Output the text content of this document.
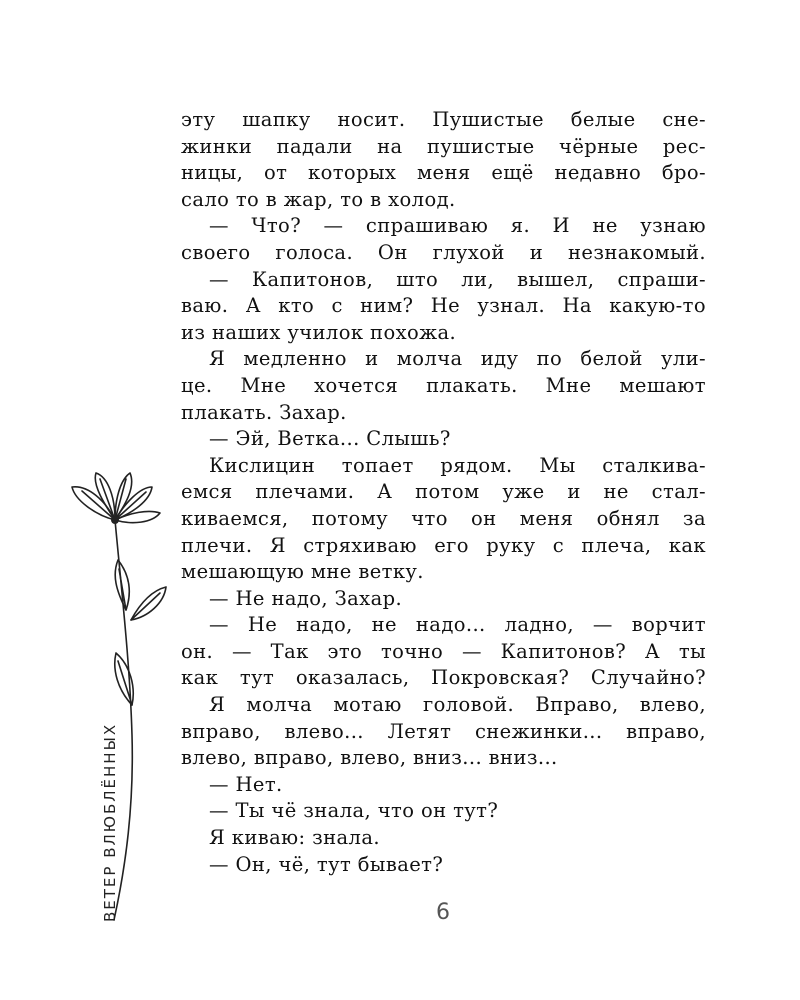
ВЕТЕР ВЛЮБЛЁННЫХ
эту шапку носит. Пушистые белые сне-
жинки падали на пушистые чёрные рес-
ницы, от которых меня ещё недавно бро-
сало то в жар, то в холод.
— Что? — спрашиваю я. И не узнаю
своего голоса. Он глухой и незнакомый.
— Капитонов, што ли, вышел, спраши-
ваю. А кто с ним? Не узнал. На какую-то
из наших училок похожа.
Я медленно и молча иду по белой ули-
це. Мне хочется плакать. Мне мешают
плакать. Захар.
— Эй, Ветка... Слышь?
Кислицин топает рядом. Мы сталкива-
емся плечами. А потом уже и не стал-
киваемся, потому что он меня обнял за
плечи. Я стряхиваю его руку с плеча, как
мешающую мне ветку.
— Не надо, Захар.
— Не надо, не надо... ладно, — ворчит
он. — Так это точно — Капитонов? А ты
как тут оказалась, Покровская? Случайно?
Я молча мотаю головой. Вправо, влево,
вправо, влево... Летят снежинки... вправо,
влево, вправо, влево, вниз... вниз...
— Нет.
— Ты чё знала, что он тут?
Я киваю: знала.
— Он, чё, тут бывает?
6
